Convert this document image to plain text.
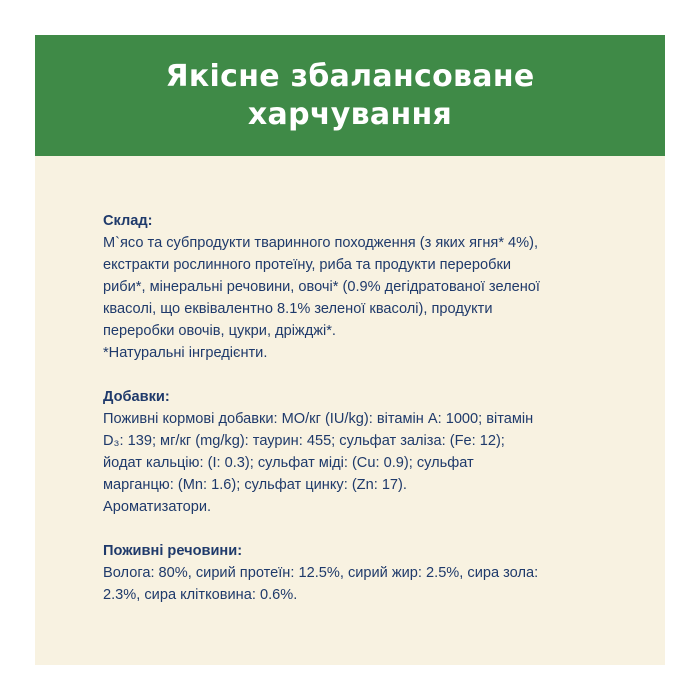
Якісне збалансоване харчування

Склад:

М`ясо та субпродукти тваринного походження (з яких ягня* 4%),
екстракти рослинного протеїну, риба та продукти переробки
риби*, мінеральні речовини, овочі* (0.9% дегідратованої зеленої
квасолі, що еквівалентно 8.1% зеленої квасолі), продукти
переробки овочів, цукри, дріжджі*.
*Натуральні інгредієнти.

Добавки:

Поживні кормові добавки: МО/кг (IU/kg): вітамін A: 1000; вітамін
D₃: 139; мг/кг (mg/kg): таурин: 455; сульфат заліза: (Fe: 12);
йодат кальцію: (I: 0.3); сульфат міді: (Cu: 0.9); сульфат
марганцю: (Mn: 1.6); сульфат цинку: (Zn: 17).
Ароматизатори.

Поживні речовини:

Волога: 80%, сирий протеїн: 12.5%, сирий жир: 2.5%, сира зола:
2.3%, сира клітковина: 0.6%.
